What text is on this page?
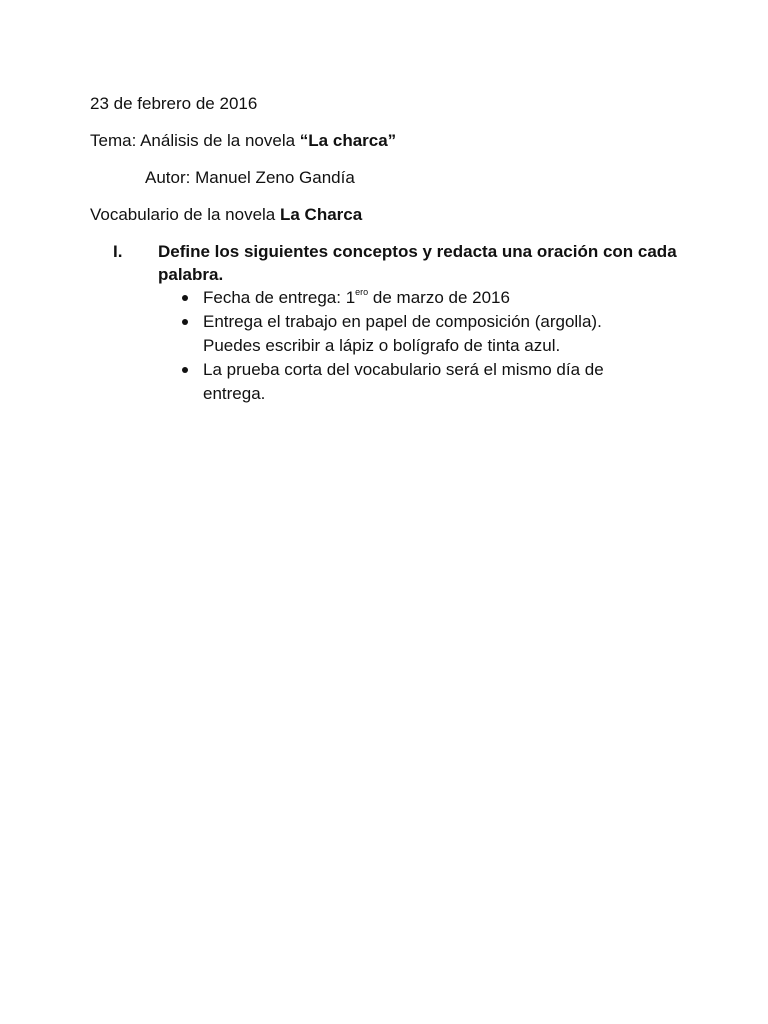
23 de febrero de 2016
Tema: Análisis de la novela “La charca”
Autor: Manuel Zeno Gandía
Vocabulario de la novela La Charca
I. Define los siguientes conceptos y redacta una oración con cada palabra.
Fecha de entrega: $1^{ero}$ de marzo de 2016
Entrega el trabajo en papel de composición (argolla). Puedes escribir a lápiz o bolígrafo de tinta azul.
La prueba corta del vocabulario será el mismo día de entrega.
